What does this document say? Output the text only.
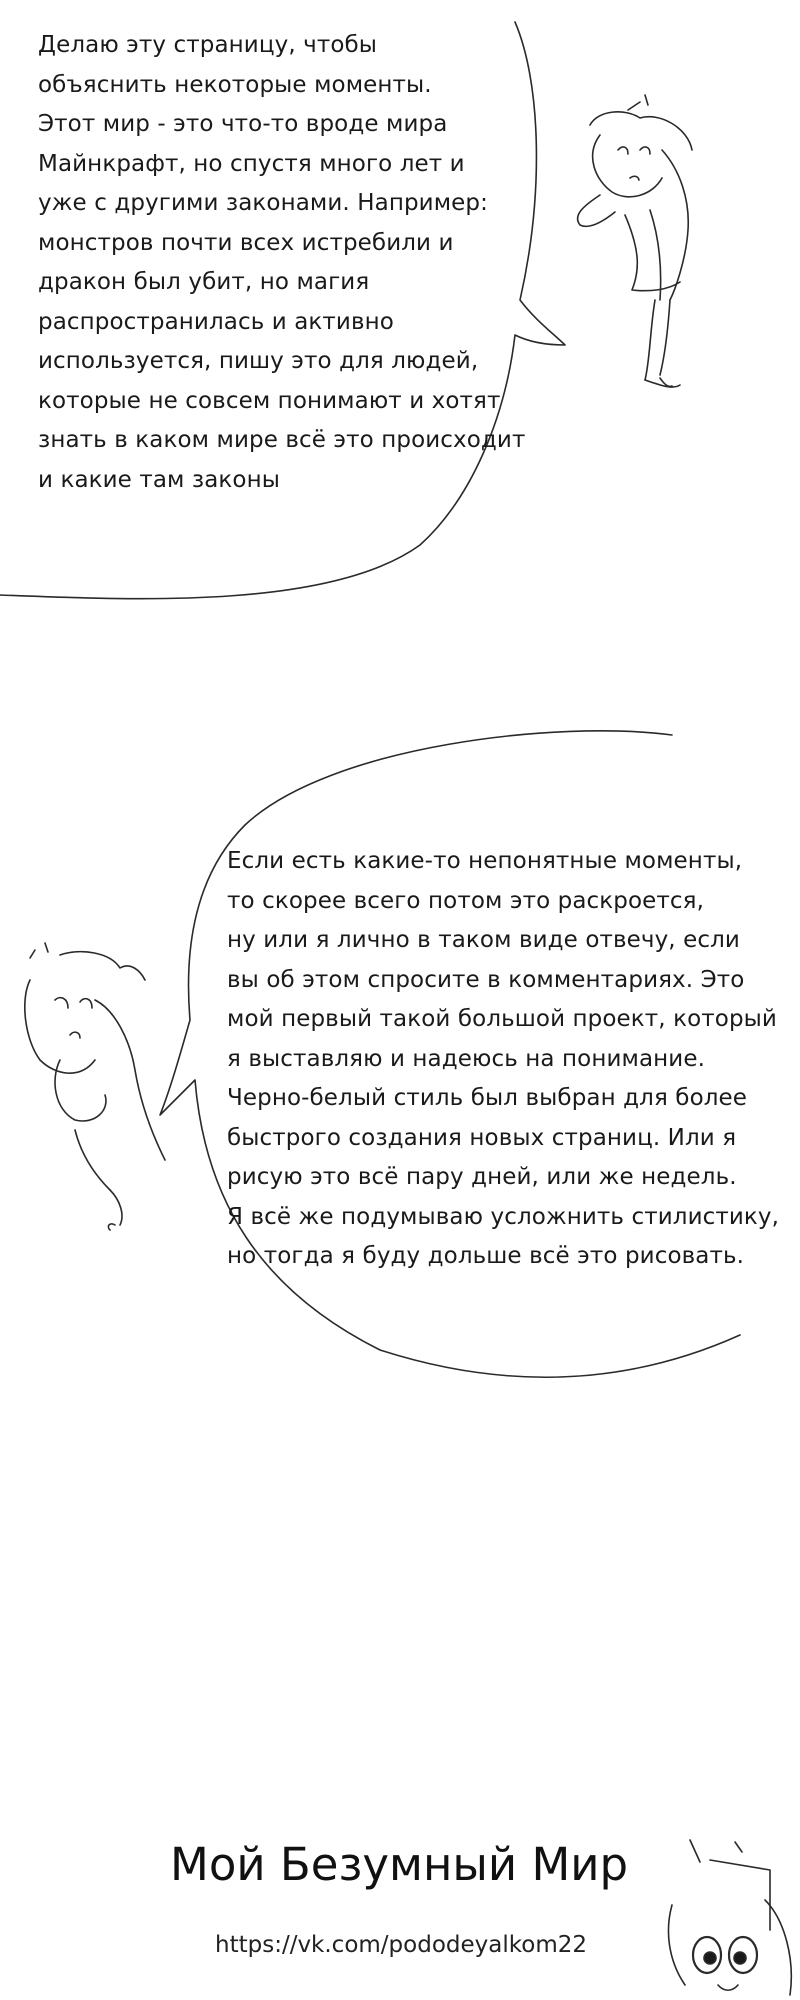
Делаю эту страницу, чтобы
объяснить некоторые моменты.
Этот мир - это что-то вроде мира
Майнкрафт, но спустя много лет и
уже с другими законами. Например:
монстров почти всех истребили и
дракон был убит, но магия
распространилась и активно
используется, пишу это для людей,
которые не совсем понимают и хотят
знать в каком мире всё это происходит
и какие там законы
Если есть какие-то непонятные моменты,
то скорее всего потом это раскроется,
ну или я лично в таком виде отвечу, если
вы об этом спросите в комментариях. Это
мой первый такой большой проект, который
я выставляю и надеюсь на понимание.
Черно-белый стиль был выбран для более
быстрого создания новых страниц. Или я
рисую это всё пару дней, или же недель.
Я всё же подумываю усложнить стилистику,
но тогда я буду дольше всё это рисовать.
Мой Безумный Мир
https://vk.com/pododeyalkom22
